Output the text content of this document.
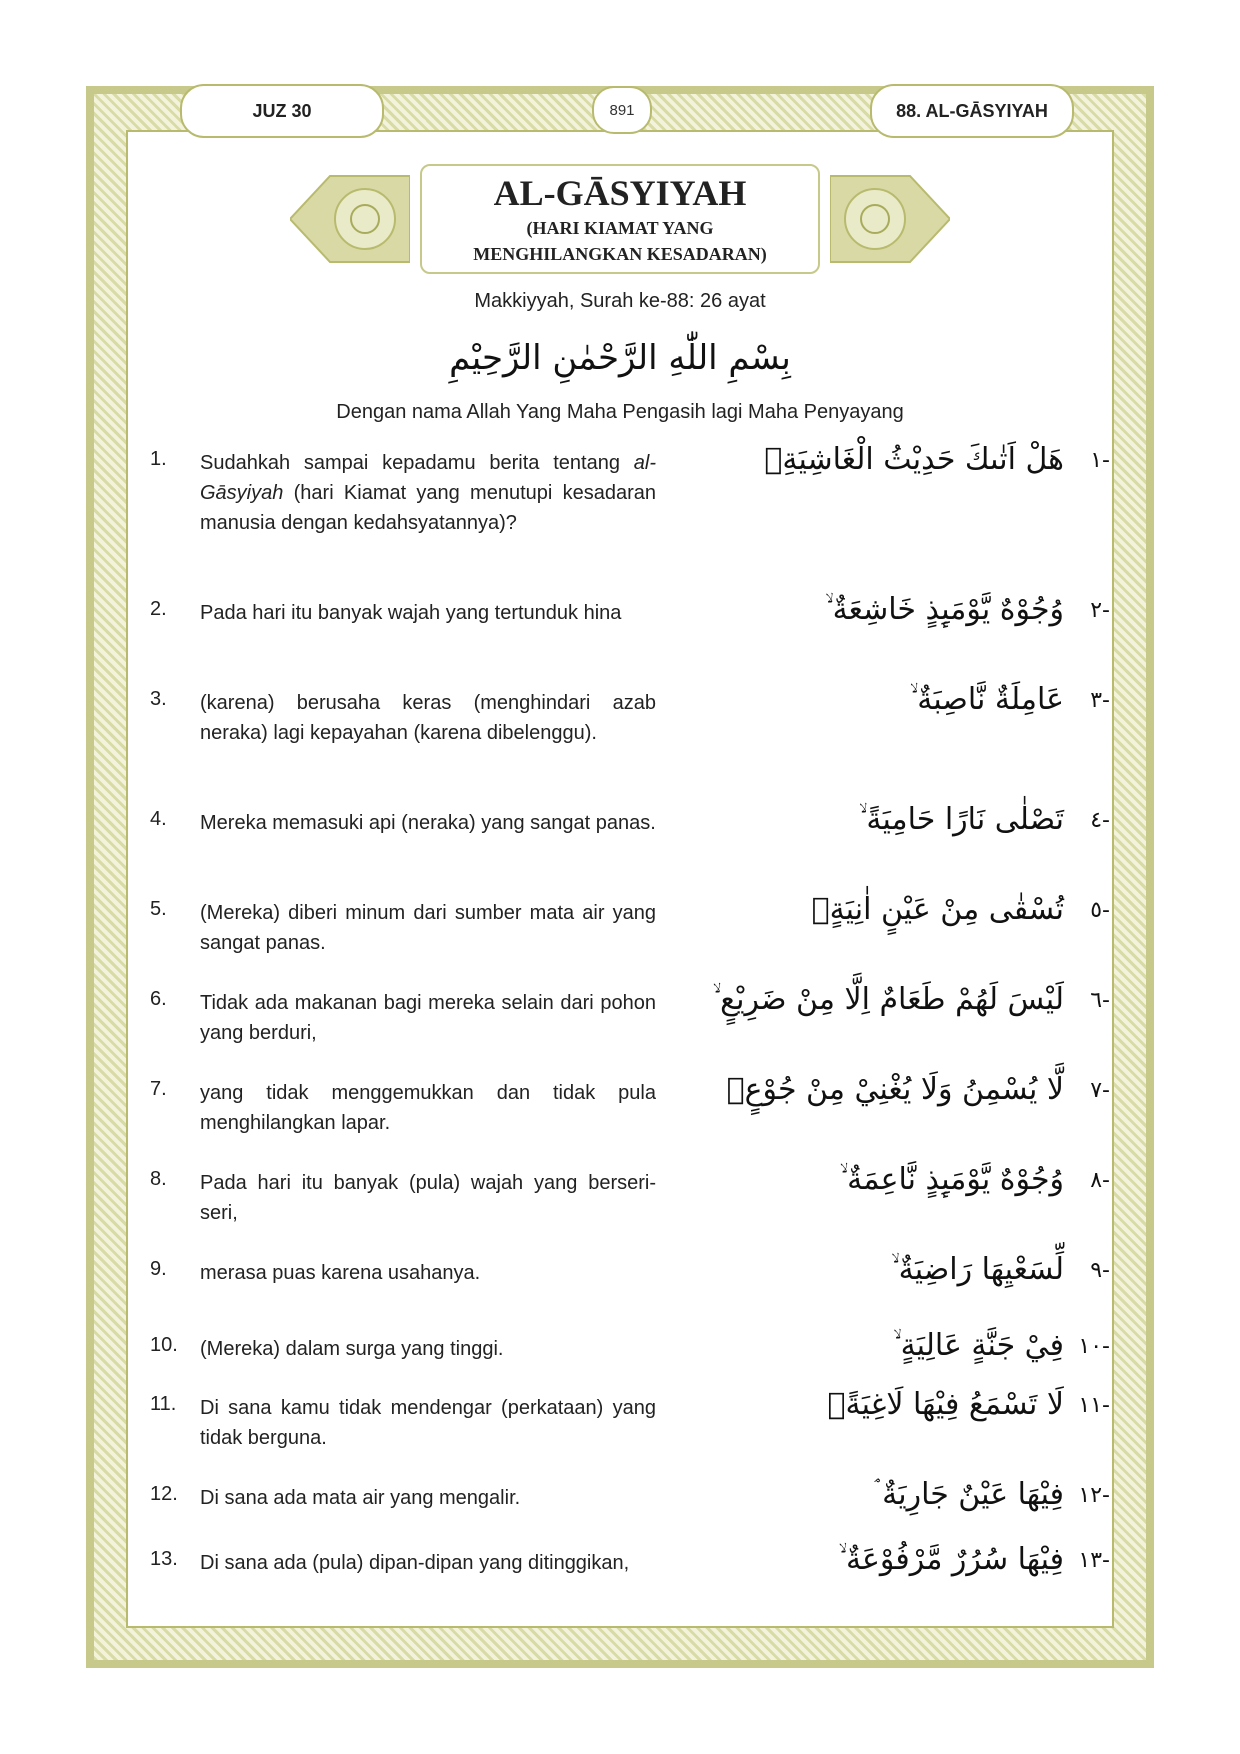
JUZ 30	891	88. AL-GĀSYIYAH
AL-GĀSYIYAH
(HARI KIAMAT YANG
MENGHILANGKAN KESADARAN)
Makkiyyah, Surah ke-88: 26 ayat
بِسْمِ اللّٰهِ الرَّحْمٰنِ الرَّحِيْمِ
Dengan nama Allah Yang Maha Pengasih lagi Maha Penyayang
1. Sudahkah sampai kepadamu berita tentang al-Gāsyiyah (hari Kiamat yang menutupi kesadaran manusia dengan kedahsyatannya)?
هَلْ اَتٰىكَ حَدِيْثُ الْغَاشِيَةِۗ -١
2. Pada hari itu banyak wajah yang tertunduk hina	وُجُوْهٌ يَّوْمَىِٕذٍ خَاشِعَةٌ ۙ -٢
3. (karena) berusaha keras (menghindari azab neraka) lagi kepayahan (karena dibelenggu).
عَامِلَةٌ نَّاصِبَةٌ ۙ -٣
4. Mereka memasuki api (neraka) yang sangat panas.	تَصْلٰى نَارًا حَامِيَةً ۙ -٤
5. (Mereka) diberi minum dari sumber mata air yang sangat panas.
تُسْقٰى مِنْ عَيْنٍ اٰنِيَةٍۗ -٥
6. Tidak ada makanan bagi mereka selain dari pohon yang berduri,
لَيْسَ لَهُمْ طَعَامٌ اِلَّا مِنْ ضَرِيْعٍ ۙ -٦
7. yang tidak menggemukkan dan tidak pula menghilangkan lapar.
لَّا يُسْمِنُ وَلَا يُغْنِيْ مِنْ جُوْعٍۗ -٧
8. Pada hari itu banyak (pula) wajah yang berseri-seri,
وُجُوْهٌ يَّوْمَىِٕذٍ نَّاعِمَةٌ ۙ -٨
9. merasa puas karena usahanya.	لِّسَعْيِهَا رَاضِيَةٌ ۙ -٩
10. (Mereka) dalam surga yang tinggi.	فِيْ جَنَّةٍ عَالِيَةٍ ۙ -١٠
11. Di sana kamu tidak mendengar (perkataan) yang tidak berguna.
لَا تَسْمَعُ فِيْهَا لَاغِيَةًۗ -١١
12. Di sana ada mata air yang mengalir.	فِيْهَا عَيْنٌ جَارِيَةٌ ۘ -١٢
13. Di sana ada (pula) dipan-dipan yang ditinggikan,	فِيْهَا سُرُرٌ مَّرْفُوْعَةٌ ۙ -١٣
